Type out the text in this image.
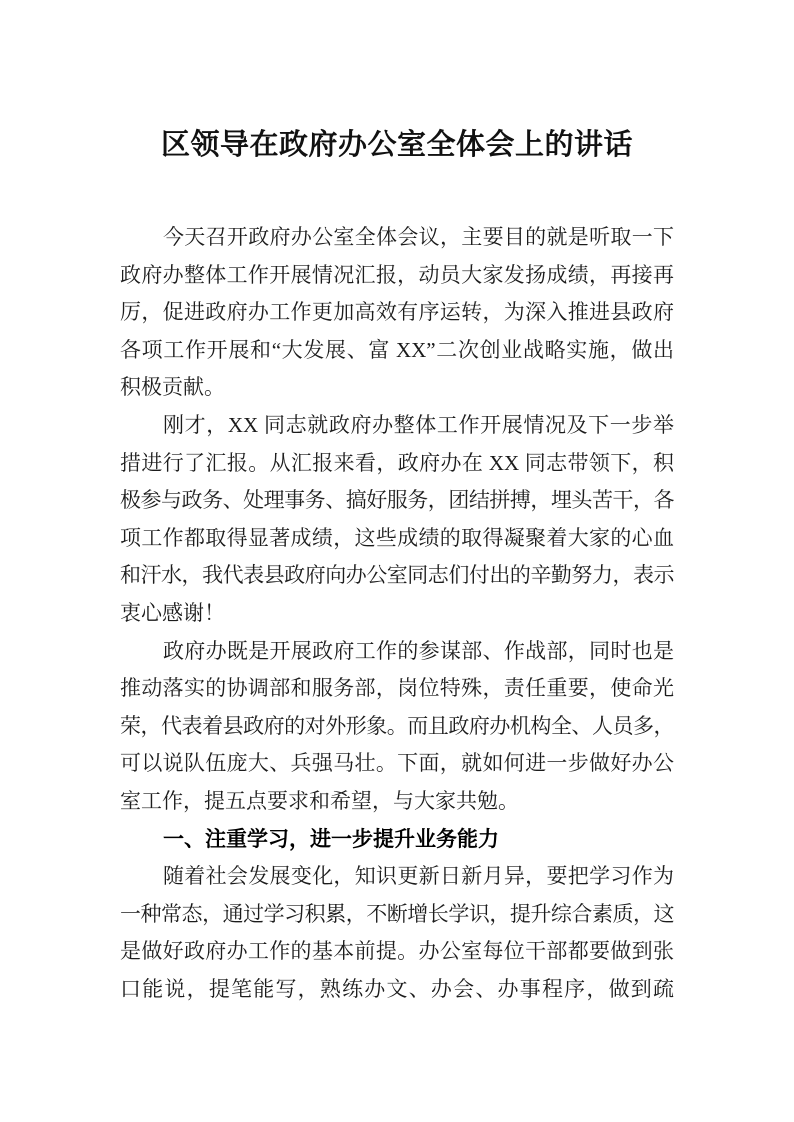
区领导在政府办公室全体会上的讲话
今天召开政府办公室全体会议，主要目的就是听取一下
政府办整体工作开展情况汇报，动员大家发扬成绩，再接再
厉，促进政府办工作更加高效有序运转，为深入推进县政府
各项工作开展和“大发展、富 XX”二次创业战略实施，做出
积极贡献。
刚才，XX 同志就政府办整体工作开展情况及下一步举
措进行了汇报。从汇报来看，政府办在 XX 同志带领下，积
极参与政务、处理事务、搞好服务，团结拼搏，埋头苦干，各
项工作都取得显著成绩，这些成绩的取得凝聚着大家的心血
和汗水，我代表县政府向办公室同志们付出的辛勤努力，表示
衷心感谢！
政府办既是开展政府工作的参谋部、作战部，同时也是
推动落实的协调部和服务部，岗位特殊，责任重要，使命光
荣，代表着县政府的对外形象。而且政府办机构全、人员多，
可以说队伍庞大、兵强马壮。下面，就如何进一步做好办公
室工作，提五点要求和希望，与大家共勉。
一、注重学习，进一步提升业务能力
随着社会发展变化，知识更新日新月异，要把学习作为
一种常态，通过学习积累，不断增长学识，提升综合素质，这
是做好政府办工作的基本前提。办公室每位干部都要做到张
口能说，提笔能写，熟练办文、办会、办事程序，做到疏
